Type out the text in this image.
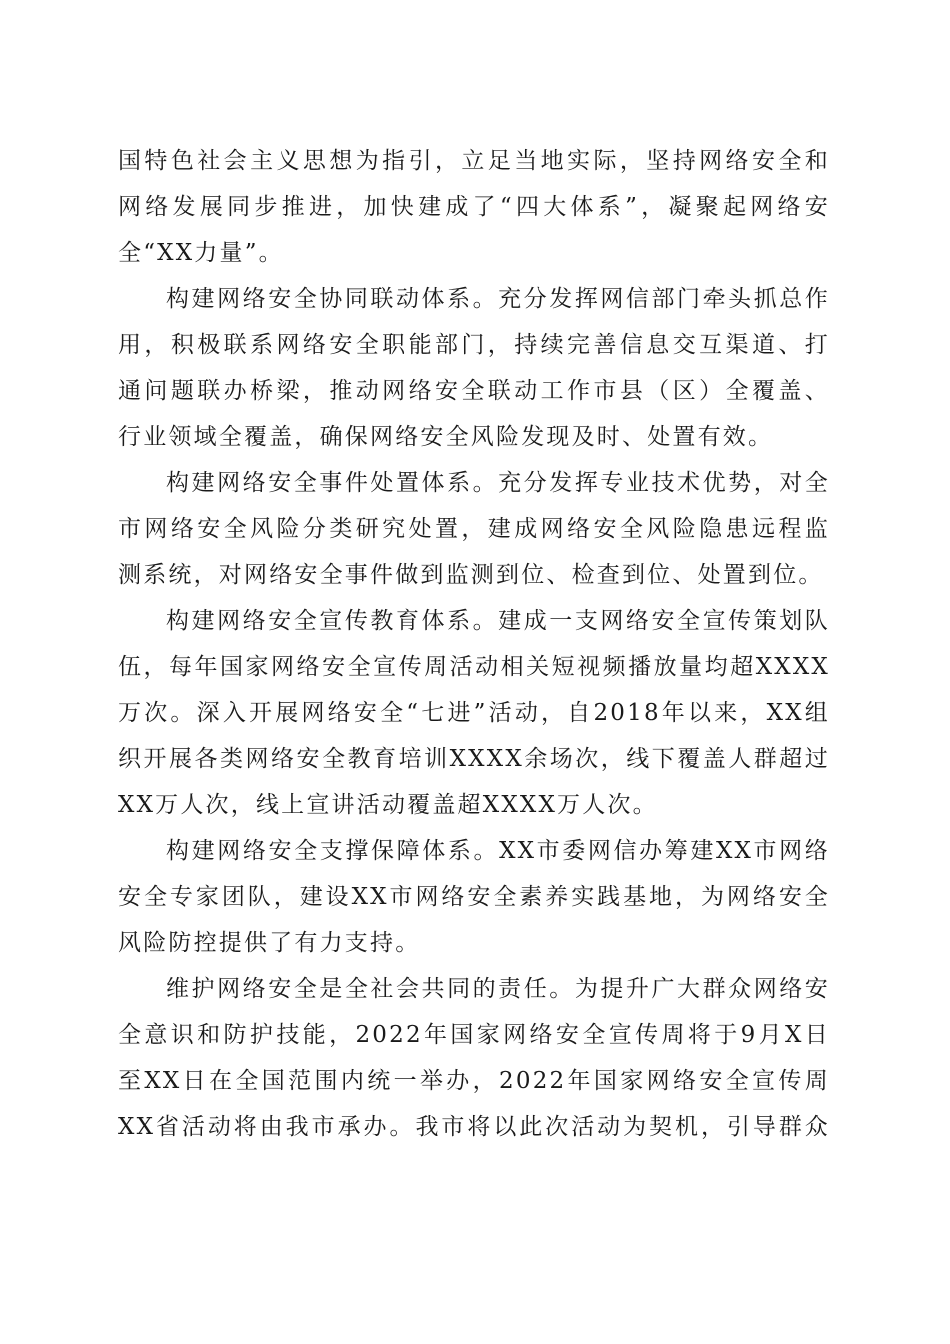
国特色社会主义思想为指引，立足当地实际，坚持网络安全和
网络发展同步推进，加快建成了“四大体系”，凝聚起网络安
全“XX力量”。
构建网络安全协同联动体系。充分发挥网信部门牵头抓总作
用，积极联系网络安全职能部门，持续完善信息交互渠道、打
通问题联办桥梁，推动网络安全联动工作市县（区）全覆盖、
行业领域全覆盖，确保网络安全风险发现及时、处置有效。
构建网络安全事件处置体系。充分发挥专业技术优势，对全
市网络安全风险分类研究处置，建成网络安全风险隐患远程监
测系统，对网络安全事件做到监测到位、检查到位、处置到位。
构建网络安全宣传教育体系。建成一支网络安全宣传策划队
伍，每年国家网络安全宣传周活动相关短视频播放量均超XXXX
万次。深入开展网络安全“七进”活动，自2018年以来，XX组
织开展各类网络安全教育培训XXXX余场次，线下覆盖人群超过
XX万人次，线上宣讲活动覆盖超XXXX万人次。
构建网络安全支撑保障体系。XX市委网信办筹建XX市网络
安全专家团队，建设XX市网络安全素养实践基地，为网络安全
风险防控提供了有力支持。
维护网络安全是全社会共同的责任。为提升广大群众网络安
全意识和防护技能，2022年国家网络安全宣传周将于9月X日
至XX日在全国范围内统一举办，2022年国家网络安全宣传周
XX省活动将由我市承办。我市将以此次活动为契机，引导群众
